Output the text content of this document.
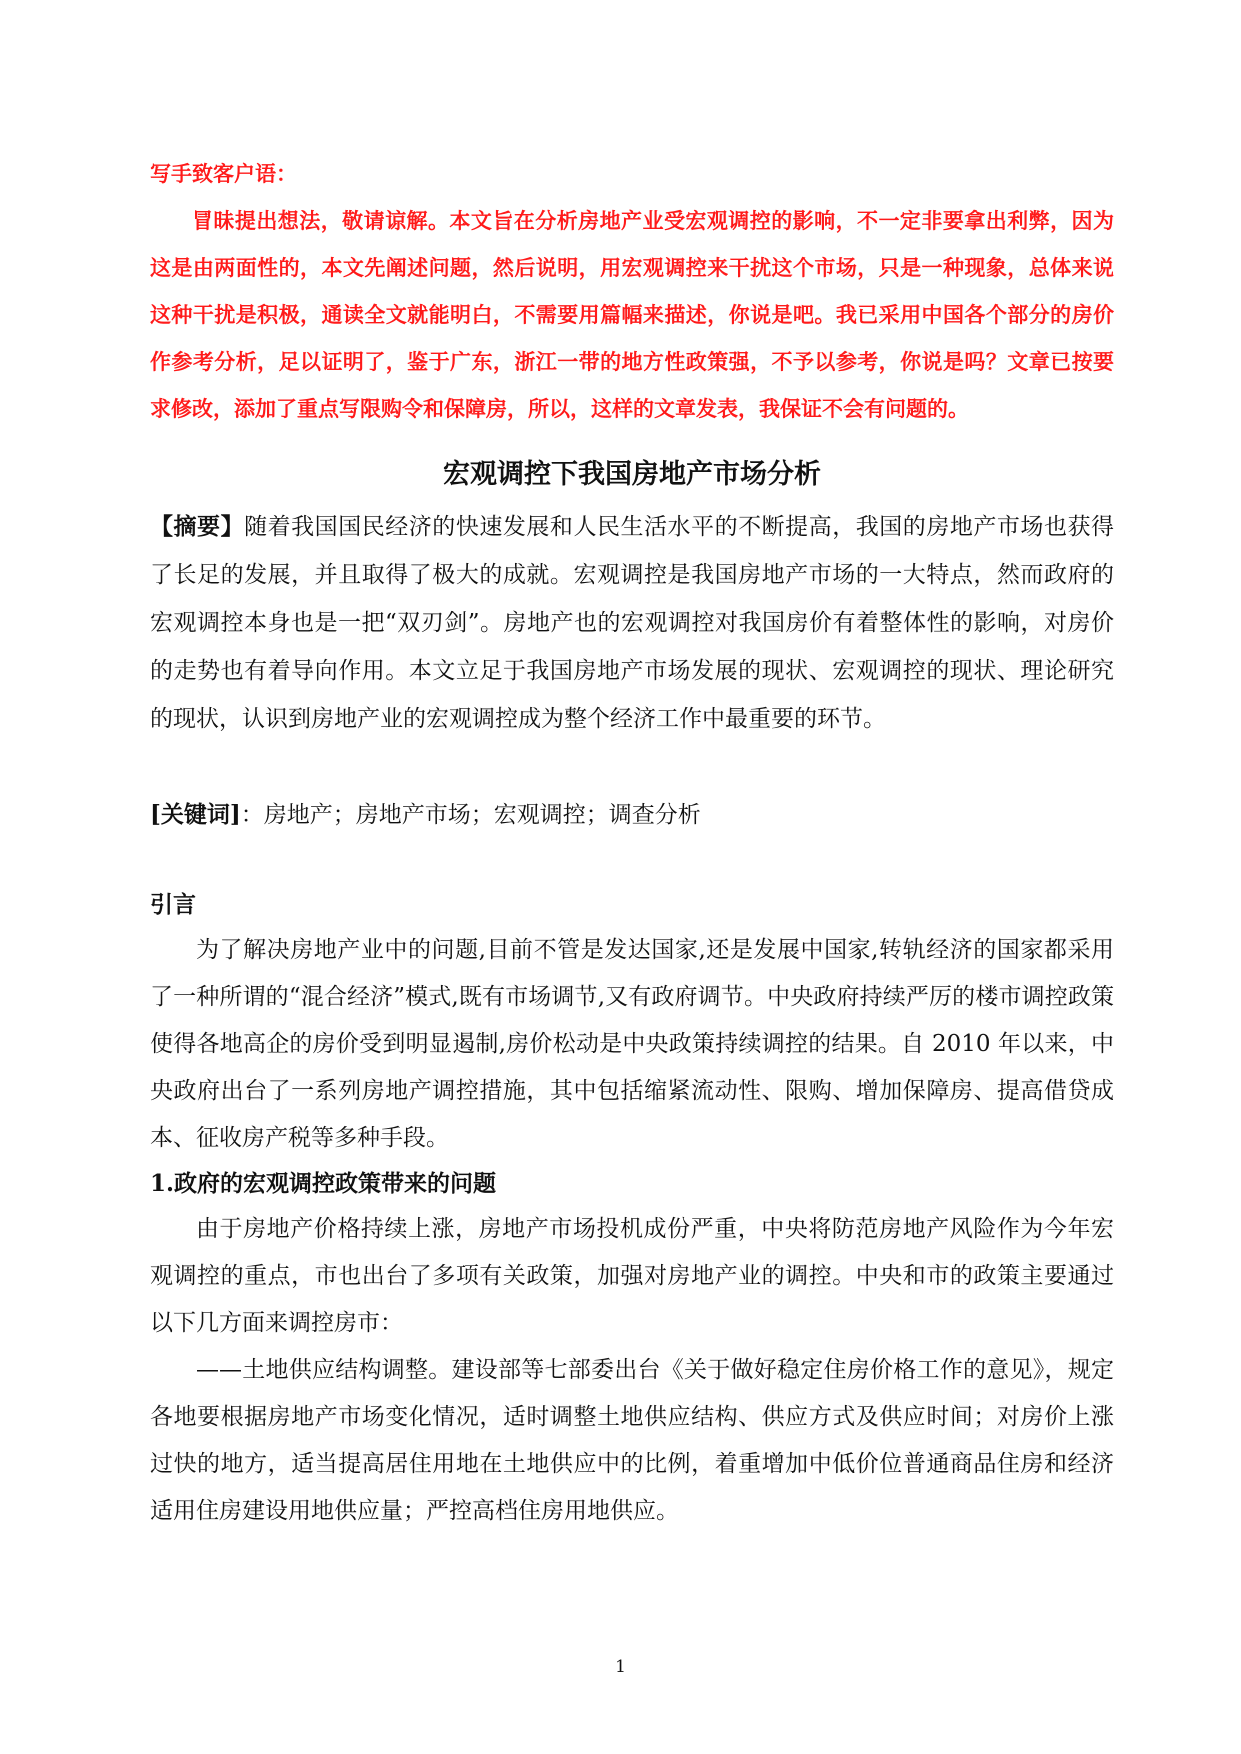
写手致客户语：

冒昧提出想法，敬请谅解。本文旨在分析房地产业受宏观调控的影响，不一定非要拿出利弊，因为这是由两面性的，本文先阐述问题，然后说明，用宏观调控来干扰这个市场，只是一种现象，总体来说这种干扰是积极，通读全文就能明白，不需要用篇幅来描述，你说是吧。我已采用中国各个部分的房价作参考分析，足以证明了，鉴于广东，浙江一带的地方性政策强，不予以参考，你说是吗？文章已按要求修改，添加了重点写限购令和保障房，所以，这样的文章发表，我保证不会有问题的。

宏观调控下我国房地产市场分析

【摘要】随着我国国民经济的快速发展和人民生活水平的不断提高，我国的房地产市场也获得了长足的发展，并且取得了极大的成就。宏观调控是我国房地产市场的一大特点，然而政府的宏观调控本身也是一把“双刃剑”。房地产也的宏观调控对我国房价有着整体性的影响，对房价的走势也有着导向作用。本文立足于我国房地产市场发展的现状、宏观调控的现状、理论研究的现状，认识到房地产业的宏观调控成为整个经济工作中最重要的环节。

[关键词]：房地产；房地产市场；宏观调控；调查分析

引言

为了解决房地产业中的问题,目前不管是发达国家,还是发展中国家,转轨经济的国家都采用了一种所谓的“混合经济”模式,既有市场调节,又有政府调节。中央政府持续严厉的楼市调控政策使得各地高企的房价受到明显遏制,房价松动是中央政策持续调控的结果。自 2010 年以来，中央政府出台了一系列房地产调控措施，其中包括缩紧流动性、限购、增加保障房、提高借贷成本、征收房产税等多种手段。

1.政府的宏观调控政策带来的问题

由于房地产价格持续上涨，房地产市场投机成份严重，中央将防范房地产风险作为今年宏观调控的重点，市也出台了多项有关政策，加强对房地产业的调控。中央和市的政策主要通过以下几方面来调控房市：

——土地供应结构调整。建设部等七部委出台《关于做好稳定住房价格工作的意见》，规定各地要根据房地产市场变化情况，适时调整土地供应结构、供应方式及供应时间；对房价上涨过快的地方，适当提高居住用地在土地供应中的比例，着重增加中低价位普通商品住房和经济适用住房建设用地供应量；严控高档住房用地供应。

1
